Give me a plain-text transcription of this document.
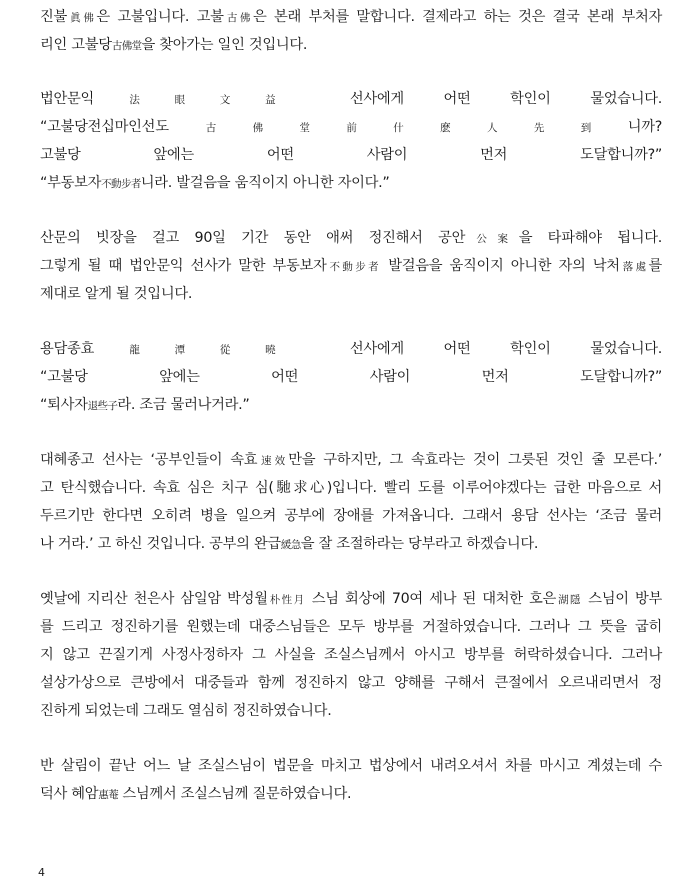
진불眞佛은 고불입니다. 고불古佛은 본래 부처를 말합니다. 결제라고 하는 것은 결국 본래 부처자
리인 고불당古佛堂을 찾아가는 일인 것입니다.
법안문익法眼文益 선사에게 어떤 학인이 물었습니다.
“고불당전십마인선도古佛堂前什麽人先到니까?
고불당 앞에는 어떤 사람이 먼저 도달합니까?”
“부동보자不動步者니라. 발걸음을 움직이지 아니한 자이다.”
산문의 빗장을 걸고 90일 기간 동안 애써 정진해서 공안公案을 타파해야 됩니다.
그렇게 될 때 법안문익 선사가 말한 부동보자不動步者 발걸음을 움직이지 아니한 자의 낙처落處를
제대로 알게 될 것입니다.
용담종효龍潭從曉 선사에게 어떤 학인이 물었습니다.
“고불당 앞에는 어떤 사람이 먼저 도달합니까?”
“퇴사자退些子라. 조금 물러나거라.”
대혜종고 선사는 ‘공부인들이 속효速效만을 구하지만, 그 속효라는 것이 그릇된 것인 줄 모른다.’
고 탄식했습니다. 속효 심은 치구 심(馳求心)입니다. 빨리 도를 이루어야겠다는 급한 마음으로 서
두르기만 한다면 오히려 병을 일으켜 공부에 장애를 가져옵니다. 그래서 용담 선사는 ‘조금 물러
나 거라.’ 고 하신 것입니다. 공부의 완급緩急을 잘 조절하라는 당부라고 하겠습니다.
옛날에 지리산 천은사 삼일암 박성월朴性月 스님 회상에 70여 세나 된 대처한 호은湖隱 스님이 방부
를 드리고 정진하기를 원했는데 대중스님들은 모두 방부를 거절하였습니다. 그러나 그 뜻을 굽히
지 않고 끈질기게 사정사정하자 그 사실을 조실스님께서 아시고 방부를 허락하셨습니다. 그러나
설상가상으로 큰방에서 대중들과 함께 정진하지 않고 양해를 구해서 큰절에서 오르내리면서 정
진하게 되었는데 그래도 열심히 정진하였습니다.
반 살림이 끝난 어느 날 조실스님이 법문을 마치고 법상에서 내려오셔서 차를 마시고 계셨는데 수
덕사 혜암惠菴 스님께서 조실스님께 질문하였습니다.
4
